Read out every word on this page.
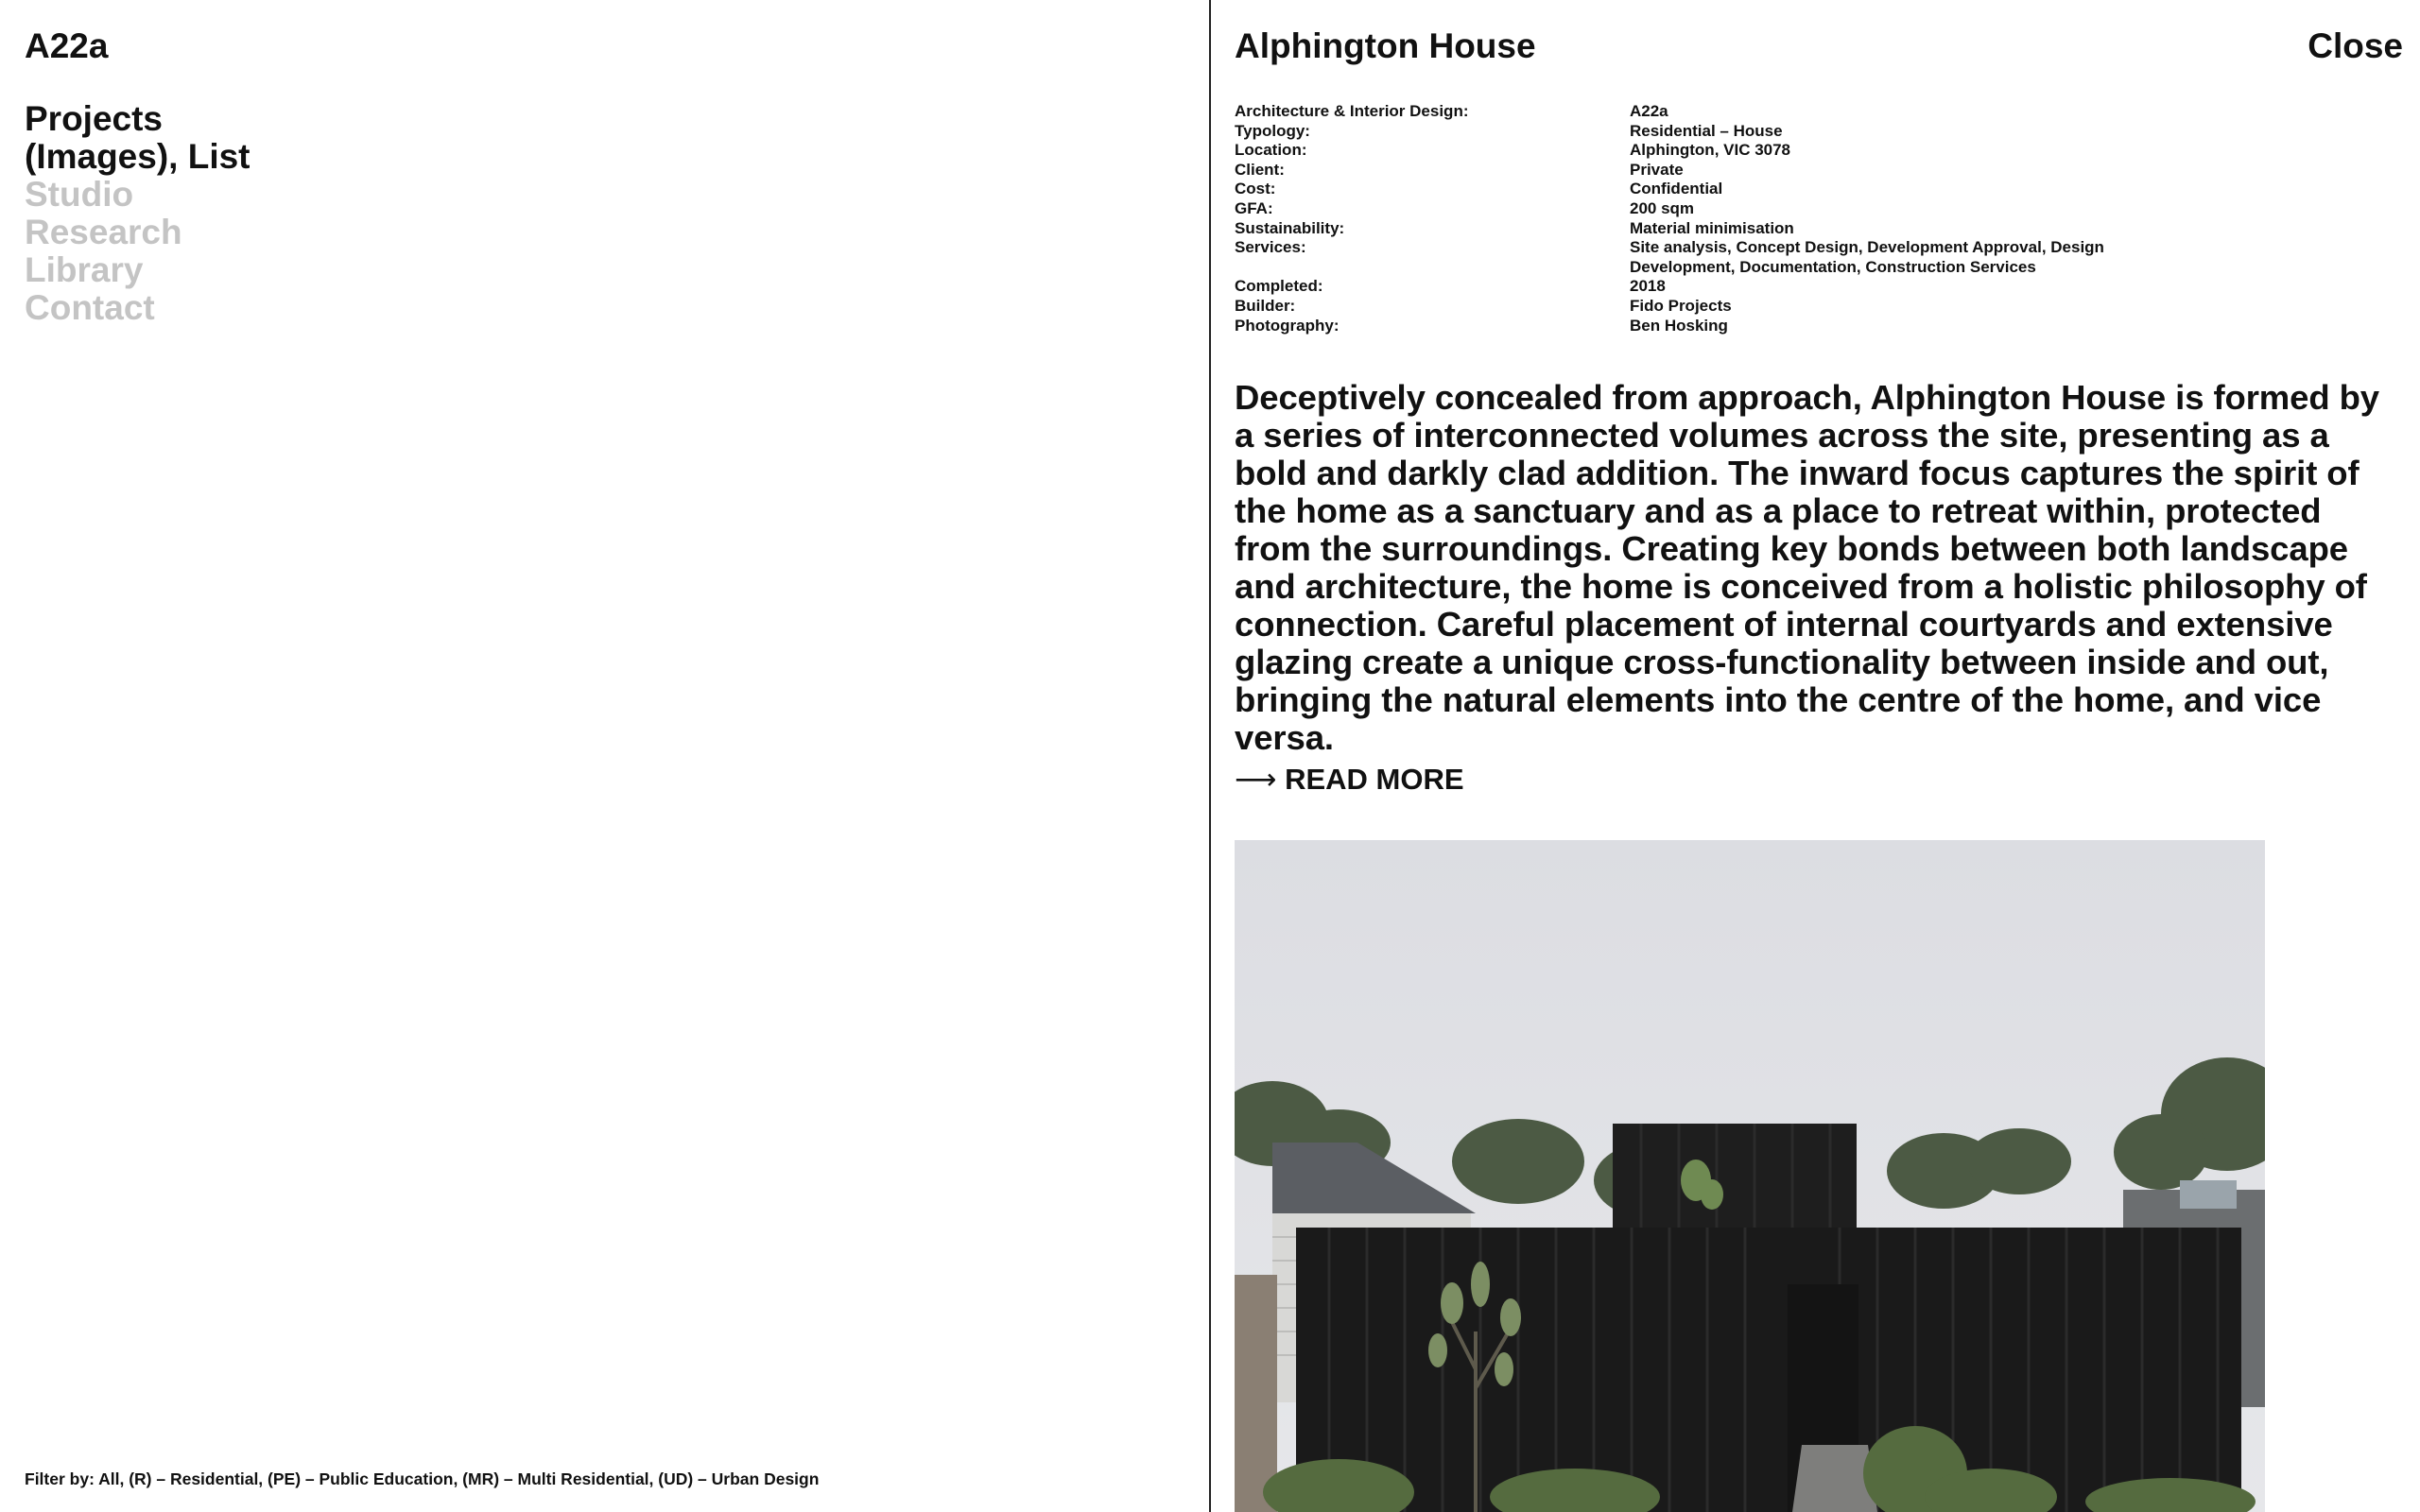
A22a
Projects
(Images), List
Studio
Research
Library
Contact
Filter by: All, (R) – Residential, (PE) – Public Education, (MR) – Multi Residential, (UD) – Urban Design
Alphington House	Close
Architecture & Interior Design:	A22a
Typology:	Residential – House
Location:	Alphington, VIC 3078
Client:	Private
Cost:	Confidential
GFA:	200 sqm
Sustainability:	Material minimisation
Services:	Site analysis, Concept Design, Development Approval, Design Development, Documentation, Construction Services
Completed:	2018
Builder:	Fido Projects
Photography:	Ben Hosking

Deceptively concealed from approach, Alphington House is formed by a series of interconnected volumes across the site, presenting as a bold and darkly clad addition. The inward focus captures the spirit of the home as a sanctuary and as a place to retreat within, protected from the surroundings. Creating key bonds between both landscape and architecture, the home is conceived from a holistic philosophy of connection. Careful placement of internal courtyards and extensive glazing create a unique cross-functionality between inside and out, bringing the natural elements into the centre of the home, and vice versa.

⟶ READ MORE
